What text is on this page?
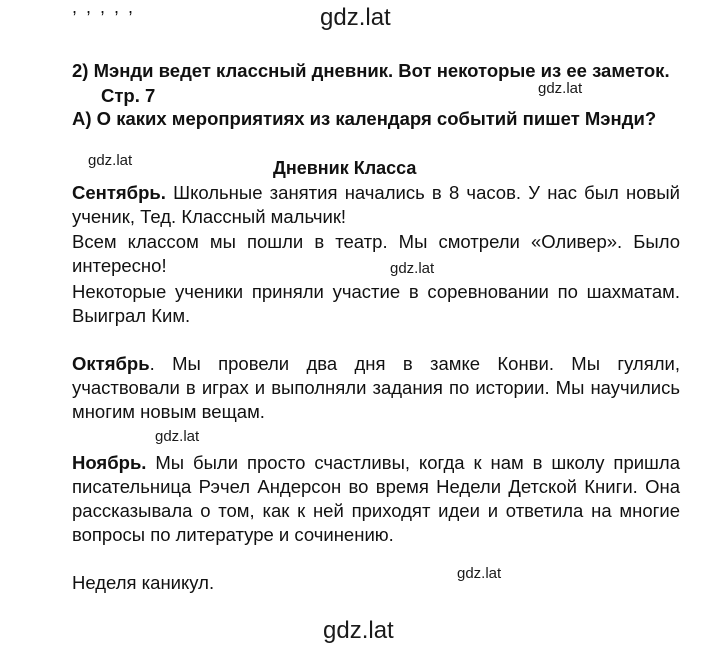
, , , , ,	gdz.lat
2) Мэнди ведет классный дневник. Вот некоторые из ее заметок.
Стр. 7	gdz.lat
А) О каких мероприятиях из календаря событий пишет Мэнди?
gdz.lat	Дневник Класса
Сентябрь. Школьные занятия начались в 8 часов. У нас был новый ученик, Тед. Классный мальчик!
Всем классом мы пошли в театр. Мы смотрели «Оливер». Было интересно!	gdz.lat
Некоторые ученики приняли участие в соревновании по шахматам. Выиграл Ким.
Октябрь. Мы провели два дня в замке Конви. Мы гуляли, участвовали в играх и выполняли задания по истории. Мы научились многим новым вещам.
gdz.lat
Ноябрь. Мы были просто счастливы, когда к нам в школу пришла писательница Рэчел Андерсон во время Недели Детской Книги. Она рассказывала о том, как к ней приходят идеи и ответила на многие вопросы по литературе и сочинению.
gdz.lat
Неделя каникул.
gdz.lat
